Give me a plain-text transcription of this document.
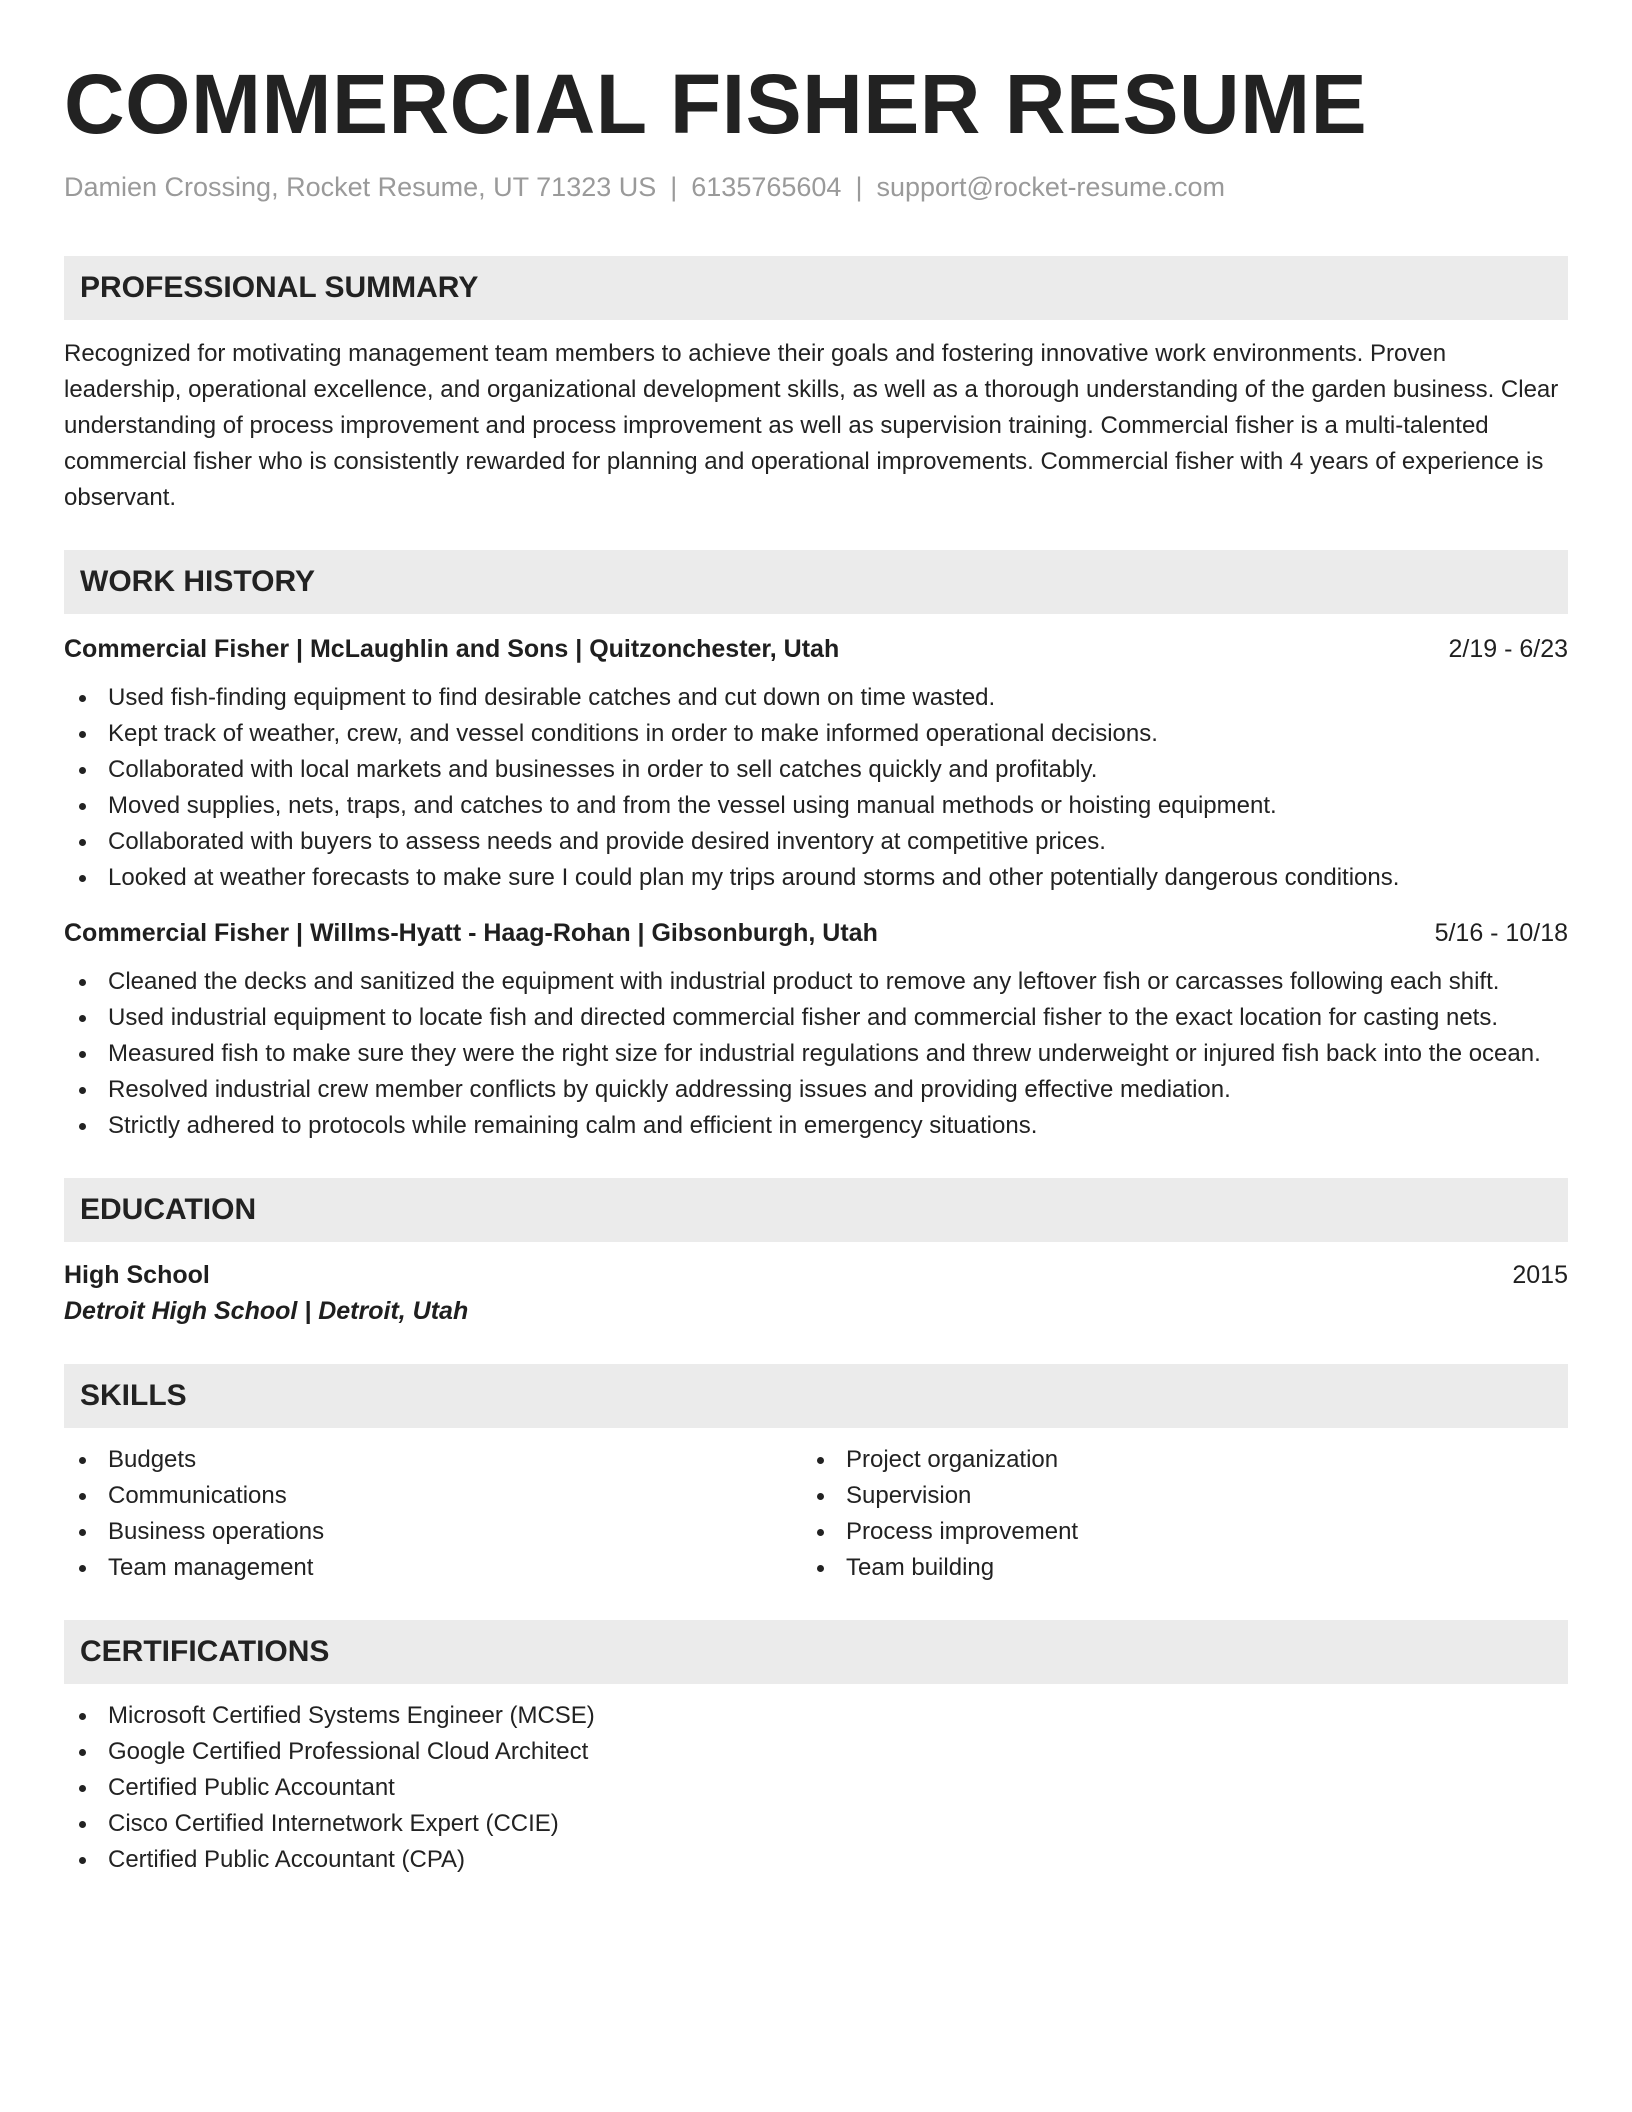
COMMERCIAL FISHER RESUME
Damien Crossing, Rocket Resume, UT 71323 US | 6135765604 | support@rocket-resume.com
PROFESSIONAL SUMMARY

Recognized for motivating management team members to achieve their goals and fostering innovative work environments. Proven leadership, operational excellence, and organizational development skills, as well as a thorough understanding of the garden business. Clear understanding of process improvement and process improvement as well as supervision training. Commercial fisher is a multi-talented commercial fisher who is consistently rewarded for planning and operational improvements. Commercial fisher with 4 years of experience is observant.

WORK HISTORY
Commercial Fisher | McLaughlin and Sons | Quitzonchester, Utah	2/19 - 6/23
Used fish-finding equipment to find desirable catches and cut down on time wasted.
Kept track of weather, crew, and vessel conditions in order to make informed operational decisions.
Collaborated with local markets and businesses in order to sell catches quickly and profitably.
Moved supplies, nets, traps, and catches to and from the vessel using manual methods or hoisting equipment.
Collaborated with buyers to assess needs and provide desired inventory at competitive prices.
Looked at weather forecasts to make sure I could plan my trips around storms and other potentially dangerous conditions.
Commercial Fisher | Willms-Hyatt - Haag-Rohan | Gibsonburgh, Utah	5/16 - 10/18
Cleaned the decks and sanitized the equipment with industrial product to remove any leftover fish or carcasses following each shift.
Used industrial equipment to locate fish and directed commercial fisher and commercial fisher to the exact location for casting nets.
Measured fish to make sure they were the right size for industrial regulations and threw underweight or injured fish back into the ocean.
Resolved industrial crew member conflicts by quickly addressing issues and providing effective mediation.
Strictly adhered to protocols while remaining calm and efficient in emergency situations.
EDUCATION
High School	2015
Detroit High School | Detroit, Utah
SKILLS
Budgets
Communications
Business operations
Team management
Project organization
Supervision
Process improvement
Team building
CERTIFICATIONS
Microsoft Certified Systems Engineer (MCSE)
Google Certified Professional Cloud Architect
Certified Public Accountant
Cisco Certified Internetwork Expert (CCIE)
Certified Public Accountant (CPA)
